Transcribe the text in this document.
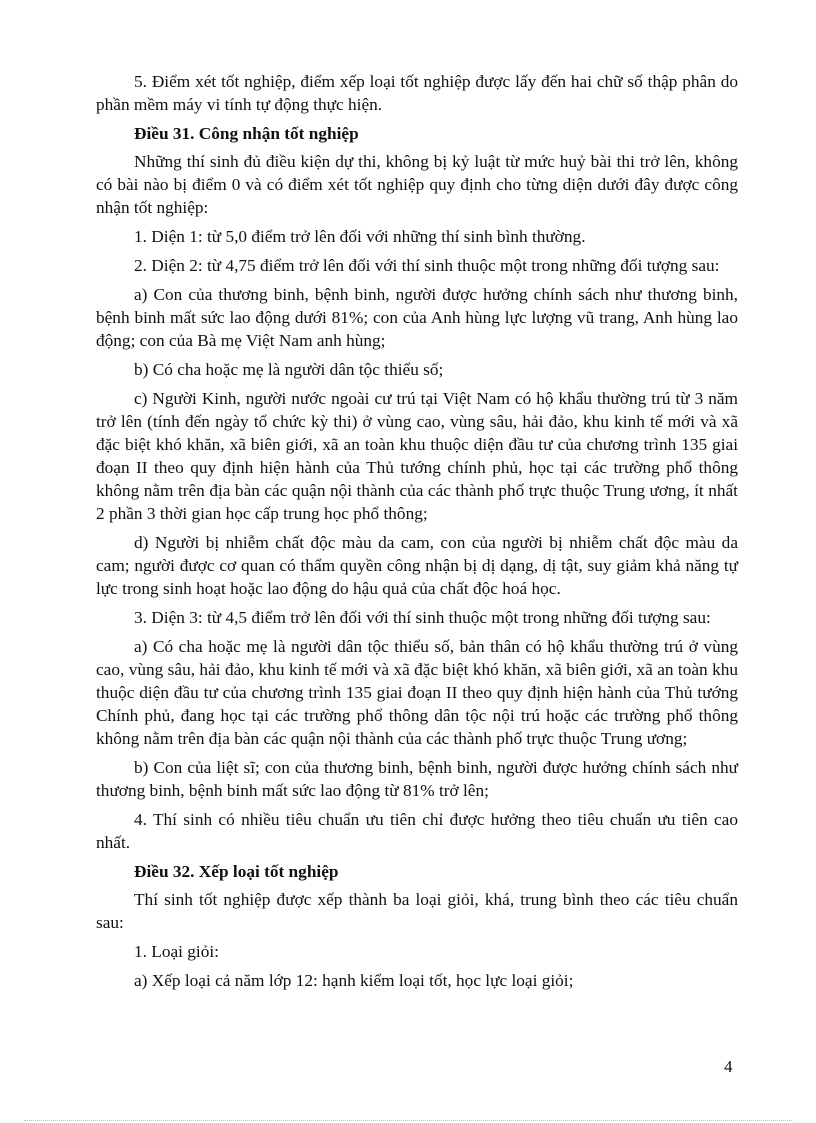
5. Điểm xét tốt nghiệp, điểm xếp loại tốt nghiệp được lấy đến hai chữ số thập phân do phần mềm máy vi tính tự động thực hiện.

Điều 31. Công nhận tốt nghiệp

Những thí sinh đủ điều kiện dự thi, không bị kỷ luật từ mức huỷ bài thi trở lên, không có bài nào bị điểm 0 và có điểm xét tốt nghiệp quy định cho từng diện dưới đây được công nhận tốt nghiệp:

1. Diện 1: từ 5,0 điểm trở lên đối với những thí sinh bình thường.

2. Diện 2: từ 4,75 điểm trở lên đối với thí sinh thuộc một trong những đối tượng sau:

a) Con của thương binh, bệnh binh, người được hưởng chính sách như thương binh, bệnh binh mất sức lao động dưới 81%; con của Anh hùng lực lượng vũ trang, Anh hùng lao động; con của Bà mẹ Việt Nam anh hùng;

b) Có cha hoặc mẹ là người dân tộc thiểu số;

c) Người Kinh, người nước ngoài cư trú tại Việt Nam có hộ khẩu thường trú từ 3 năm trở lên (tính đến ngày tổ chức kỳ thi) ở vùng cao, vùng sâu, hải đảo, khu kinh tế mới và xã đặc biệt khó khăn, xã biên giới, xã an toàn khu thuộc diện đầu tư của chương trình 135 giai đoạn II theo quy định hiện hành của Thủ tướng chính phủ, học tại các trường phổ thông không nằm trên địa bàn các quận nội thành của các thành phố trực thuộc Trung ương, ít nhất 2 phần 3 thời gian học cấp trung học phổ thông;

d) Người bị nhiễm chất độc màu da cam, con của người bị nhiễm chất độc màu da cam; người được cơ quan có thẩm quyền công nhận bị dị dạng, dị tật, suy giảm khả năng tự lực trong sinh hoạt hoặc lao động do hậu quả của chất độc hoá học.

3. Diện 3: từ 4,5 điểm trở lên đối với thí sinh thuộc một trong những đối tượng sau:

a) Có cha hoặc mẹ là người dân tộc thiểu số, bản thân có hộ khẩu thường trú ở vùng cao, vùng sâu, hải đảo, khu kinh tế mới và xã đặc biệt khó khăn, xã biên giới, xã an toàn khu thuộc diện đầu tư của chương trình 135 giai đoạn II theo quy định hiện hành của Thủ tướng Chính phủ, đang học tại các trường phổ thông dân tộc nội trú hoặc các trường phổ thông không nằm trên địa bàn các quận nội thành của các thành phố trực thuộc Trung ương;

b) Con của liệt sĩ; con của thương binh, bệnh binh, người được hưởng chính sách như thương binh, bệnh binh mất sức lao động từ 81% trở lên;

4. Thí sinh có nhiều tiêu chuẩn ưu tiên chỉ được hưởng theo tiêu chuẩn ưu tiên cao nhất.

Điều 32. Xếp loại tốt nghiệp

Thí sinh tốt nghiệp được xếp thành ba loại giỏi, khá, trung bình theo các tiêu chuẩn sau:

1. Loại giỏi:

a) Xếp loại cả năm lớp 12: hạnh kiểm loại tốt, học lực loại giỏi;

4
